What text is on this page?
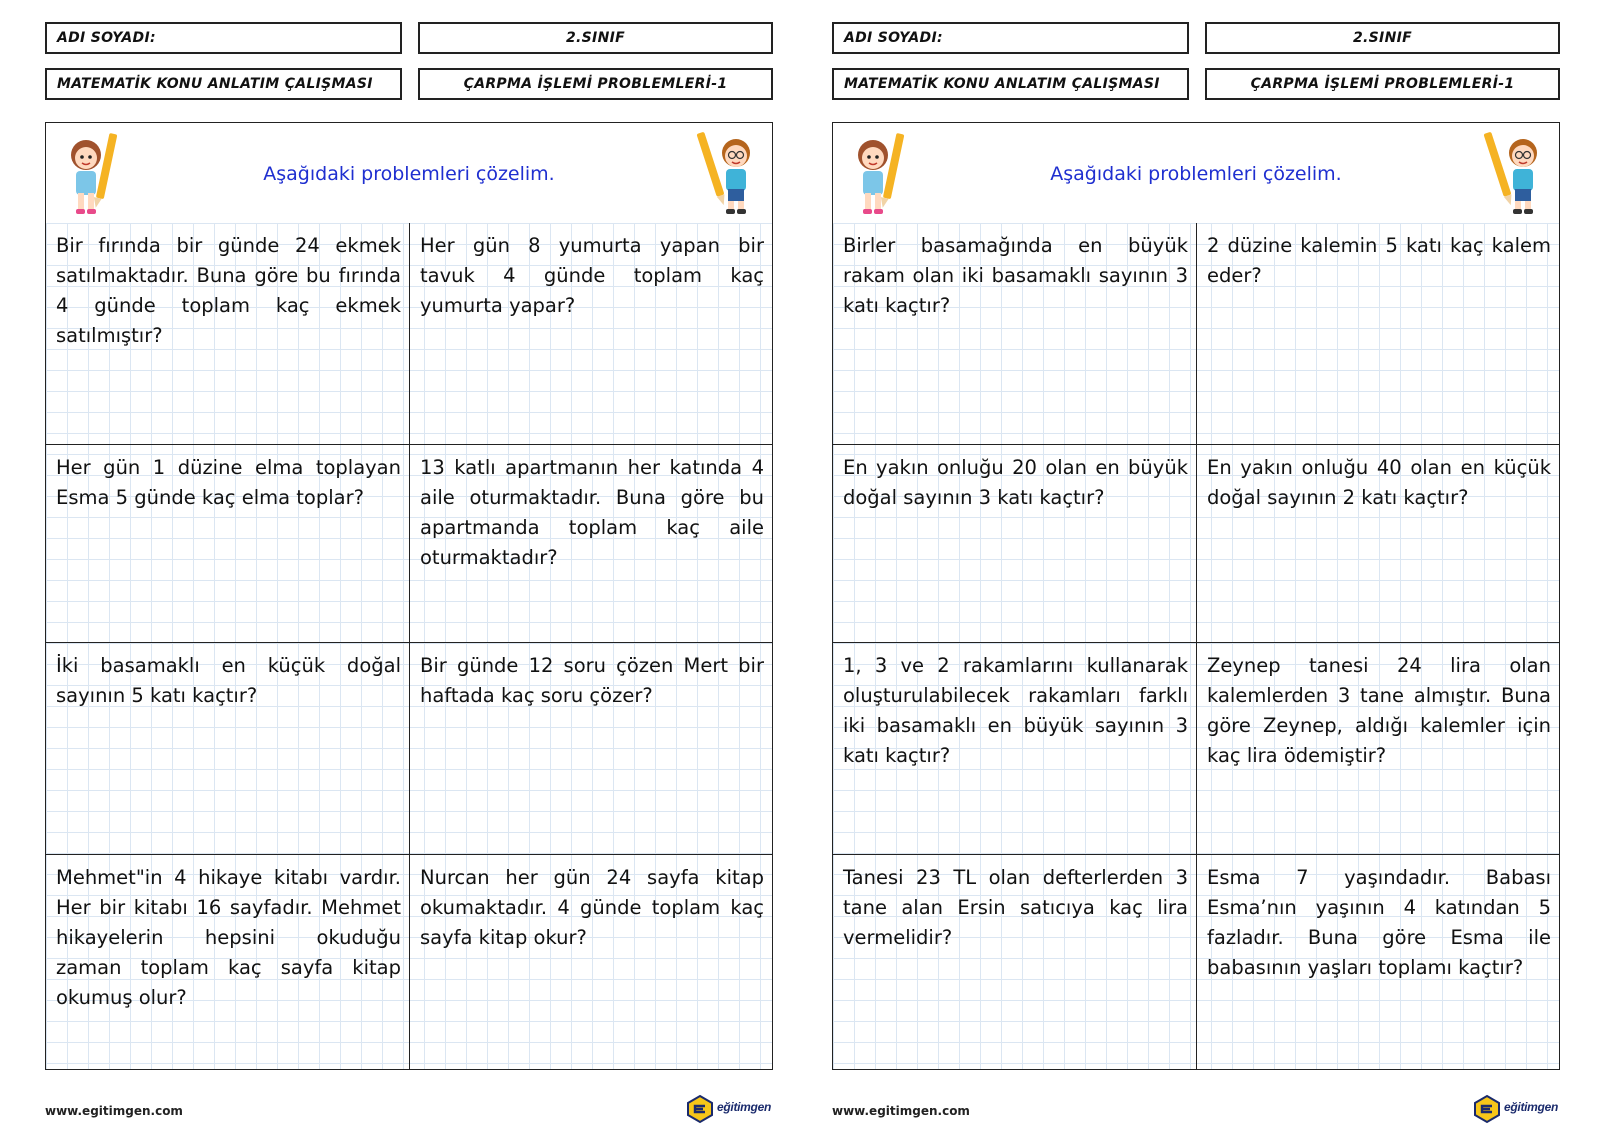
ADI SOYADI:	2.SINIF
MATEMATİK KONU ANLATIM ÇALIŞMASI	ÇARPMA İŞLEMİ PROBLEMLERİ-1
Aşağıdaki problemleri çözelim.
Bir fırında bir günde 24 ekmek satılmaktadır. Buna göre bu fırında 4 günde toplam kaç ekmek satılmıştır?
Her gün 8 yumurta yapan bir tavuk 4 günde toplam kaç yumurta yapar?
Her gün 1 düzine elma toplayan Esma 5 günde kaç elma toplar?
13 katlı apartmanın her katında 4 aile oturmaktadır. Buna göre bu apartmanda toplam kaç aile oturmaktadır?
İki basamaklı en küçük doğal sayının 5 katı kaçtır?
Bir günde 12 soru çözen Mert bir haftada kaç soru çözer?
Mehmet"in 4 hikaye kitabı vardır. Her bir kitabı 16 sayfadır. Mehmet hikayelerin hepsini okuduğu zaman toplam kaç sayfa kitap okumuş olur?
Nurcan her gün 24 sayfa kitap okumaktadır. 4 günde toplam kaç sayfa kitap okur?
www.egitimgen.com	eğitimgen
ADI SOYADI:	2.SINIF
MATEMATİK KONU ANLATIM ÇALIŞMASI	ÇARPMA İŞLEMİ PROBLEMLERİ-1
Aşağıdaki problemleri çözelim.
Birler basamağında en büyük rakam olan iki basamaklı sayının 3 katı kaçtır?
2 düzine kalemin 5 katı kaç kalem eder?
En yakın onluğu 20 olan en büyük doğal sayının 3 katı kaçtır?
En yakın onluğu 40 olan en küçük doğal sayının 2 katı kaçtır?
1, 3 ve 2 rakamlarını kullanarak oluşturulabilecek rakamları farklı iki basamaklı en büyük sayının 3 katı kaçtır?
Zeynep tanesi 24 lira olan kalemlerden 3 tane almıştır. Buna göre Zeynep, aldığı kalemler için kaç lira ödemiştir?
Tanesi 23 TL olan defterlerden 3 tane alan Ersin satıcıya kaç lira vermelidir?
Esma 7 yaşındadır. Babası Esma’nın yaşının 4 katından 5 fazladır. Buna göre Esma ile babasının yaşları toplamı kaçtır?
www.egitimgen.com	eğitimgen
